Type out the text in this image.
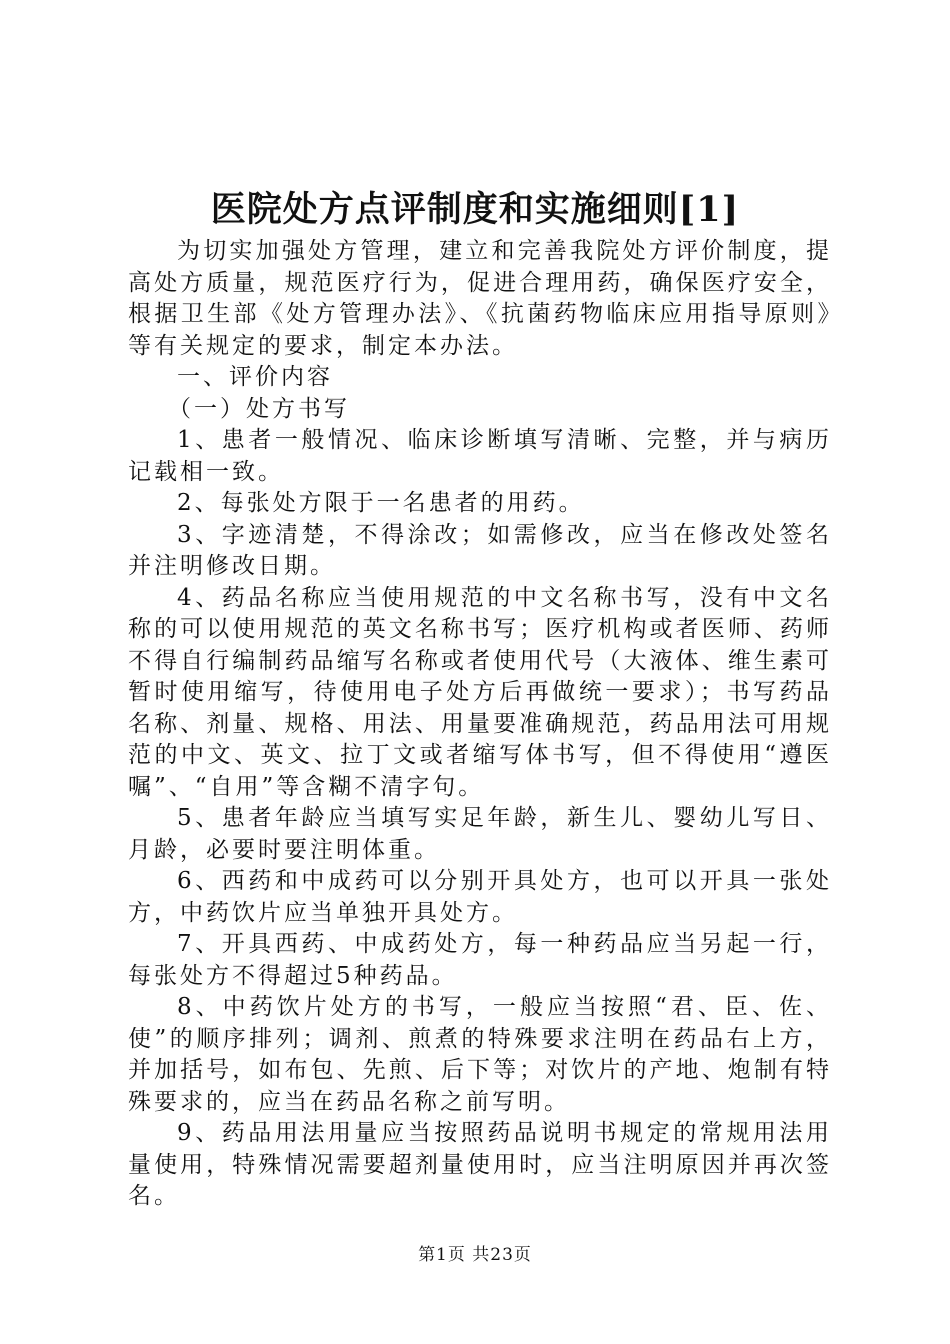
医院处方点评制度和实施细则[1]

为切实加强处方管理，建立和完善我院处方评价制度，提高处方质量，规范医疗行为，促进合理用药，确保医疗安全，根据卫生部《处方管理办法》、《抗菌药物临床应用指导原则》等有关规定的要求，制定本办法。

一、评价内容

（一）处方书写

1、患者一般情况、临床诊断填写清晰、完整，并与病历记载相一致。

2、每张处方限于一名患者的用药。

3、字迹清楚，不得涂改；如需修改，应当在修改处签名并注明修改日期。

4、药品名称应当使用规范的中文名称书写，没有中文名称的可以使用规范的英文名称书写；医疗机构或者医师、药师不得自行编制药品缩写名称或者使用代号（大液体、维生素可暂时使用缩写，待使用电子处方后再做统一要求）；书写药品名称、剂量、规格、用法、用量要准确规范，药品用法可用规范的中文、英文、拉丁文或者缩写体书写，但不得使用“遵医嘱”、“自用”等含糊不清字句。

5、患者年龄应当填写实足年龄，新生儿、婴幼儿写日、月龄，必要时要注明体重。

6、西药和中成药可以分别开具处方，也可以开具一张处方，中药饮片应当单独开具处方。

7、开具西药、中成药处方，每一种药品应当另起一行，每张处方不得超过5种药品。

8、中药饮片处方的书写，一般应当按照“君、臣、佐、使”的顺序排列；调剂、煎煮的特殊要求注明在药品右上方，并加括号，如布包、先煎、后下等；对饮片的产地、炮制有特殊要求的，应当在药品名称之前写明。

9、药品用法用量应当按照药品说明书规定的常规用法用量使用，特殊情况需要超剂量使用时，应当注明原因并再次签名。

第1页 共23页
